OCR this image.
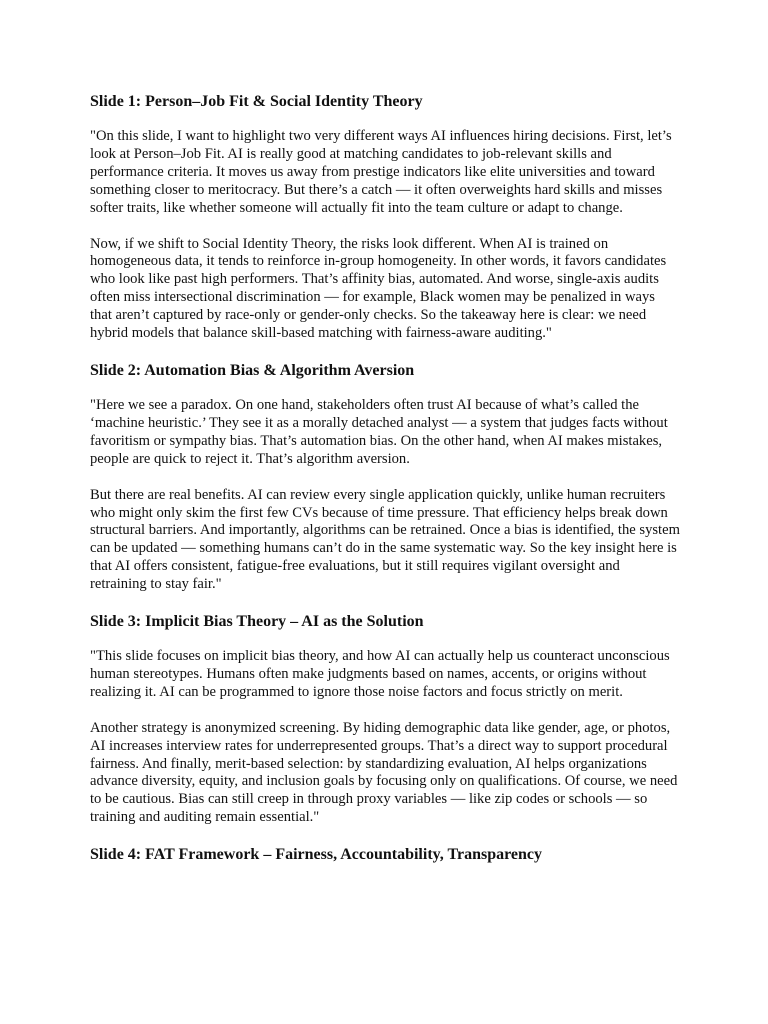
Slide 1: Person–Job Fit & Social Identity Theory

"On this slide, I want to highlight two very different ways AI influences hiring decisions. First, let’s look at Person–Job Fit. AI is really good at matching candidates to job-relevant skills and performance criteria. It moves us away from prestige indicators like elite universities and toward something closer to meritocracy. But there’s a catch — it often overweights hard skills and misses softer traits, like whether someone will actually fit into the team culture or adapt to change.

Now, if we shift to Social Identity Theory, the risks look different. When AI is trained on homogeneous data, it tends to reinforce in-group homogeneity. In other words, it favors candidates who look like past high performers. That’s affinity bias, automated. And worse, single-axis audits often miss intersectional discrimination — for example, Black women may be penalized in ways that aren’t captured by race-only or gender-only checks. So the takeaway here is clear: we need hybrid models that balance skill-based matching with fairness-aware auditing."

Slide 2: Automation Bias & Algorithm Aversion

"Here we see a paradox. On one hand, stakeholders often trust AI because of what’s called the ‘machine heuristic.’ They see it as a morally detached analyst — a system that judges facts without favoritism or sympathy bias. That’s automation bias. On the other hand, when AI makes mistakes, people are quick to reject it. That’s algorithm aversion.

But there are real benefits. AI can review every single application quickly, unlike human recruiters who might only skim the first few CVs because of time pressure. That efficiency helps break down structural barriers. And importantly, algorithms can be retrained. Once a bias is identified, the system can be updated — something humans can’t do in the same systematic way. So the key insight here is that AI offers consistent, fatigue-free evaluations, but it still requires vigilant oversight and retraining to stay fair."

Slide 3: Implicit Bias Theory – AI as the Solution

"This slide focuses on implicit bias theory, and how AI can actually help us counteract unconscious human stereotypes. Humans often make judgments based on names, accents, or origins without realizing it. AI can be programmed to ignore those noise factors and focus strictly on merit.

Another strategy is anonymized screening. By hiding demographic data like gender, age, or photos, AI increases interview rates for underrepresented groups. That’s a direct way to support procedural fairness. And finally, merit-based selection: by standardizing evaluation, AI helps organizations advance diversity, equity, and inclusion goals by focusing only on qualifications. Of course, we need to be cautious. Bias can still creep in through proxy variables — like zip codes or schools — so training and auditing remain essential."

Slide 4: FAT Framework – Fairness, Accountability, Transparency
